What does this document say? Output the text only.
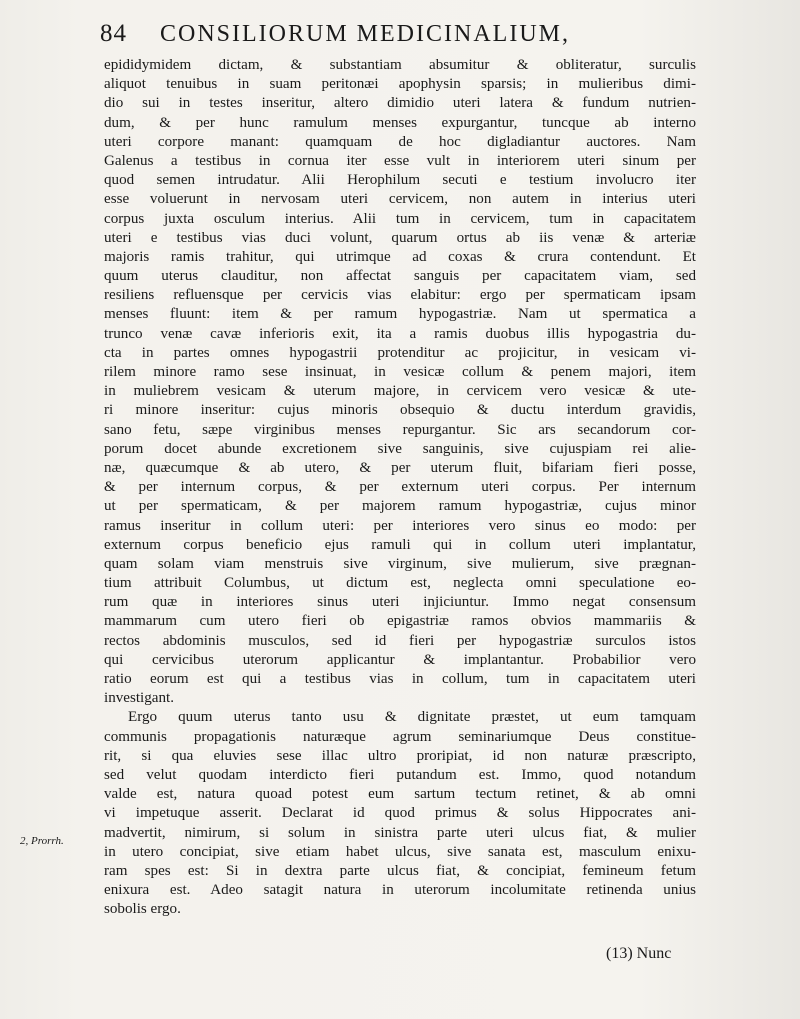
84 CONSILIORUM MEDICINALIUM,
2, Prorrh.
epididymidem dictam, & substantiam absumitur & obliteratur, surculis
aliquot tenuibus in suam peritonæi apophysin sparsis; in mulieribus dimi-
dio sui in testes inseritur, altero dimidio uteri latera & fundum nutrien-
dum, & per hunc ramulum menses expurgantur, tuncque ab interno
uteri corpore manant: quamquam de hoc digladiantur auctores. Nam
Galenus a testibus in cornua iter esse vult in interiorem uteri sinum per
quod semen intrudatur. Alii Herophilum secuti e testium involucro iter
esse voluerunt in nervosam uteri cervicem, non autem in interius uteri
corpus juxta osculum interius. Alii tum in cervicem, tum in capacitatem
uteri e testibus vias duci volunt, quarum ortus ab iis venæ & arteriæ
majoris ramis trahitur, qui utrimque ad coxas & crura contendunt. Et
quum uterus clauditur, non affectat sanguis per capacitatem viam, sed
resiliens refluensque per cervicis vias elabitur: ergo per spermaticam ipsam
menses fluunt: item & per ramum hypogastriæ. Nam ut spermatica a
trunco venæ cavæ inferioris exit, ita a ramis duobus illis hypogastria du-
cta in partes omnes hypogastrii protenditur ac projicitur, in vesicam vi-
rilem minore ramo sese insinuat, in vesicæ collum & penem majori, item
in muliebrem vesicam & uterum majore, in cervicem vero vesicæ & ute-
ri minore inseritur: cujus minoris obsequio & ductu interdum gravidis,
sano fetu, sæpe virginibus menses repurgantur. Sic ars secandorum cor-
porum docet abunde excretionem sive sanguinis, sive cujuspiam rei alie-
næ, quæcumque & ab utero, & per uterum fluit, bifariam fieri posse,
& per internum corpus, & per externum uteri corpus. Per internum
ut per spermaticam, & per majorem ramum hypogastriæ, cujus minor
ramus inseritur in collum uteri: per interiores vero sinus eo modo: per
externum corpus beneficio ejus ramuli qui in collum uteri implantatur,
quam solam viam menstruis sive virginum, sive mulierum, sive prægnan-
tium attribuit Columbus, ut dictum est, neglecta omni speculatione eo-
rum quæ in interiores sinus uteri injiciuntur. Immo negat consensum
mammarum cum utero fieri ob epigastriæ ramos obvios mammariis &
rectos abdominis musculos, sed id fieri per hypogastriæ surculos istos
qui cervicibus uterorum applicantur & implantantur. Probabilior vero
ratio eorum est qui a testibus vias in collum, tum in capacitatem uteri
investigant.
Ergo quum uterus tanto usu & dignitate præstet, ut eum tamquam
communis propagationis naturæque agrum seminariumque Deus constitue-
rit, si qua eluvies sese illac ultro proripiat, id non naturæ præscripto,
sed velut quodam interdicto fieri putandum est. Immo, quod notandum
valde est, natura quoad potest eum sartum tectum retinet, & ab omni
vi impetuque asserit. Declarat id quod primus & solus Hippocrates ani-
madvertit, nimirum, si solum in sinistra parte uteri ulcus fiat, & mulier
in utero concipiat, sive etiam habet ulcus, sive sanata est, masculum enixu-
ram spes est: Si in dextra parte ulcus fiat, & concipiat, femineum fetum
enixura est. Adeo satagit natura in uterorum incolumitate retinenda unius
sobolis ergo.
(13) Nunc
